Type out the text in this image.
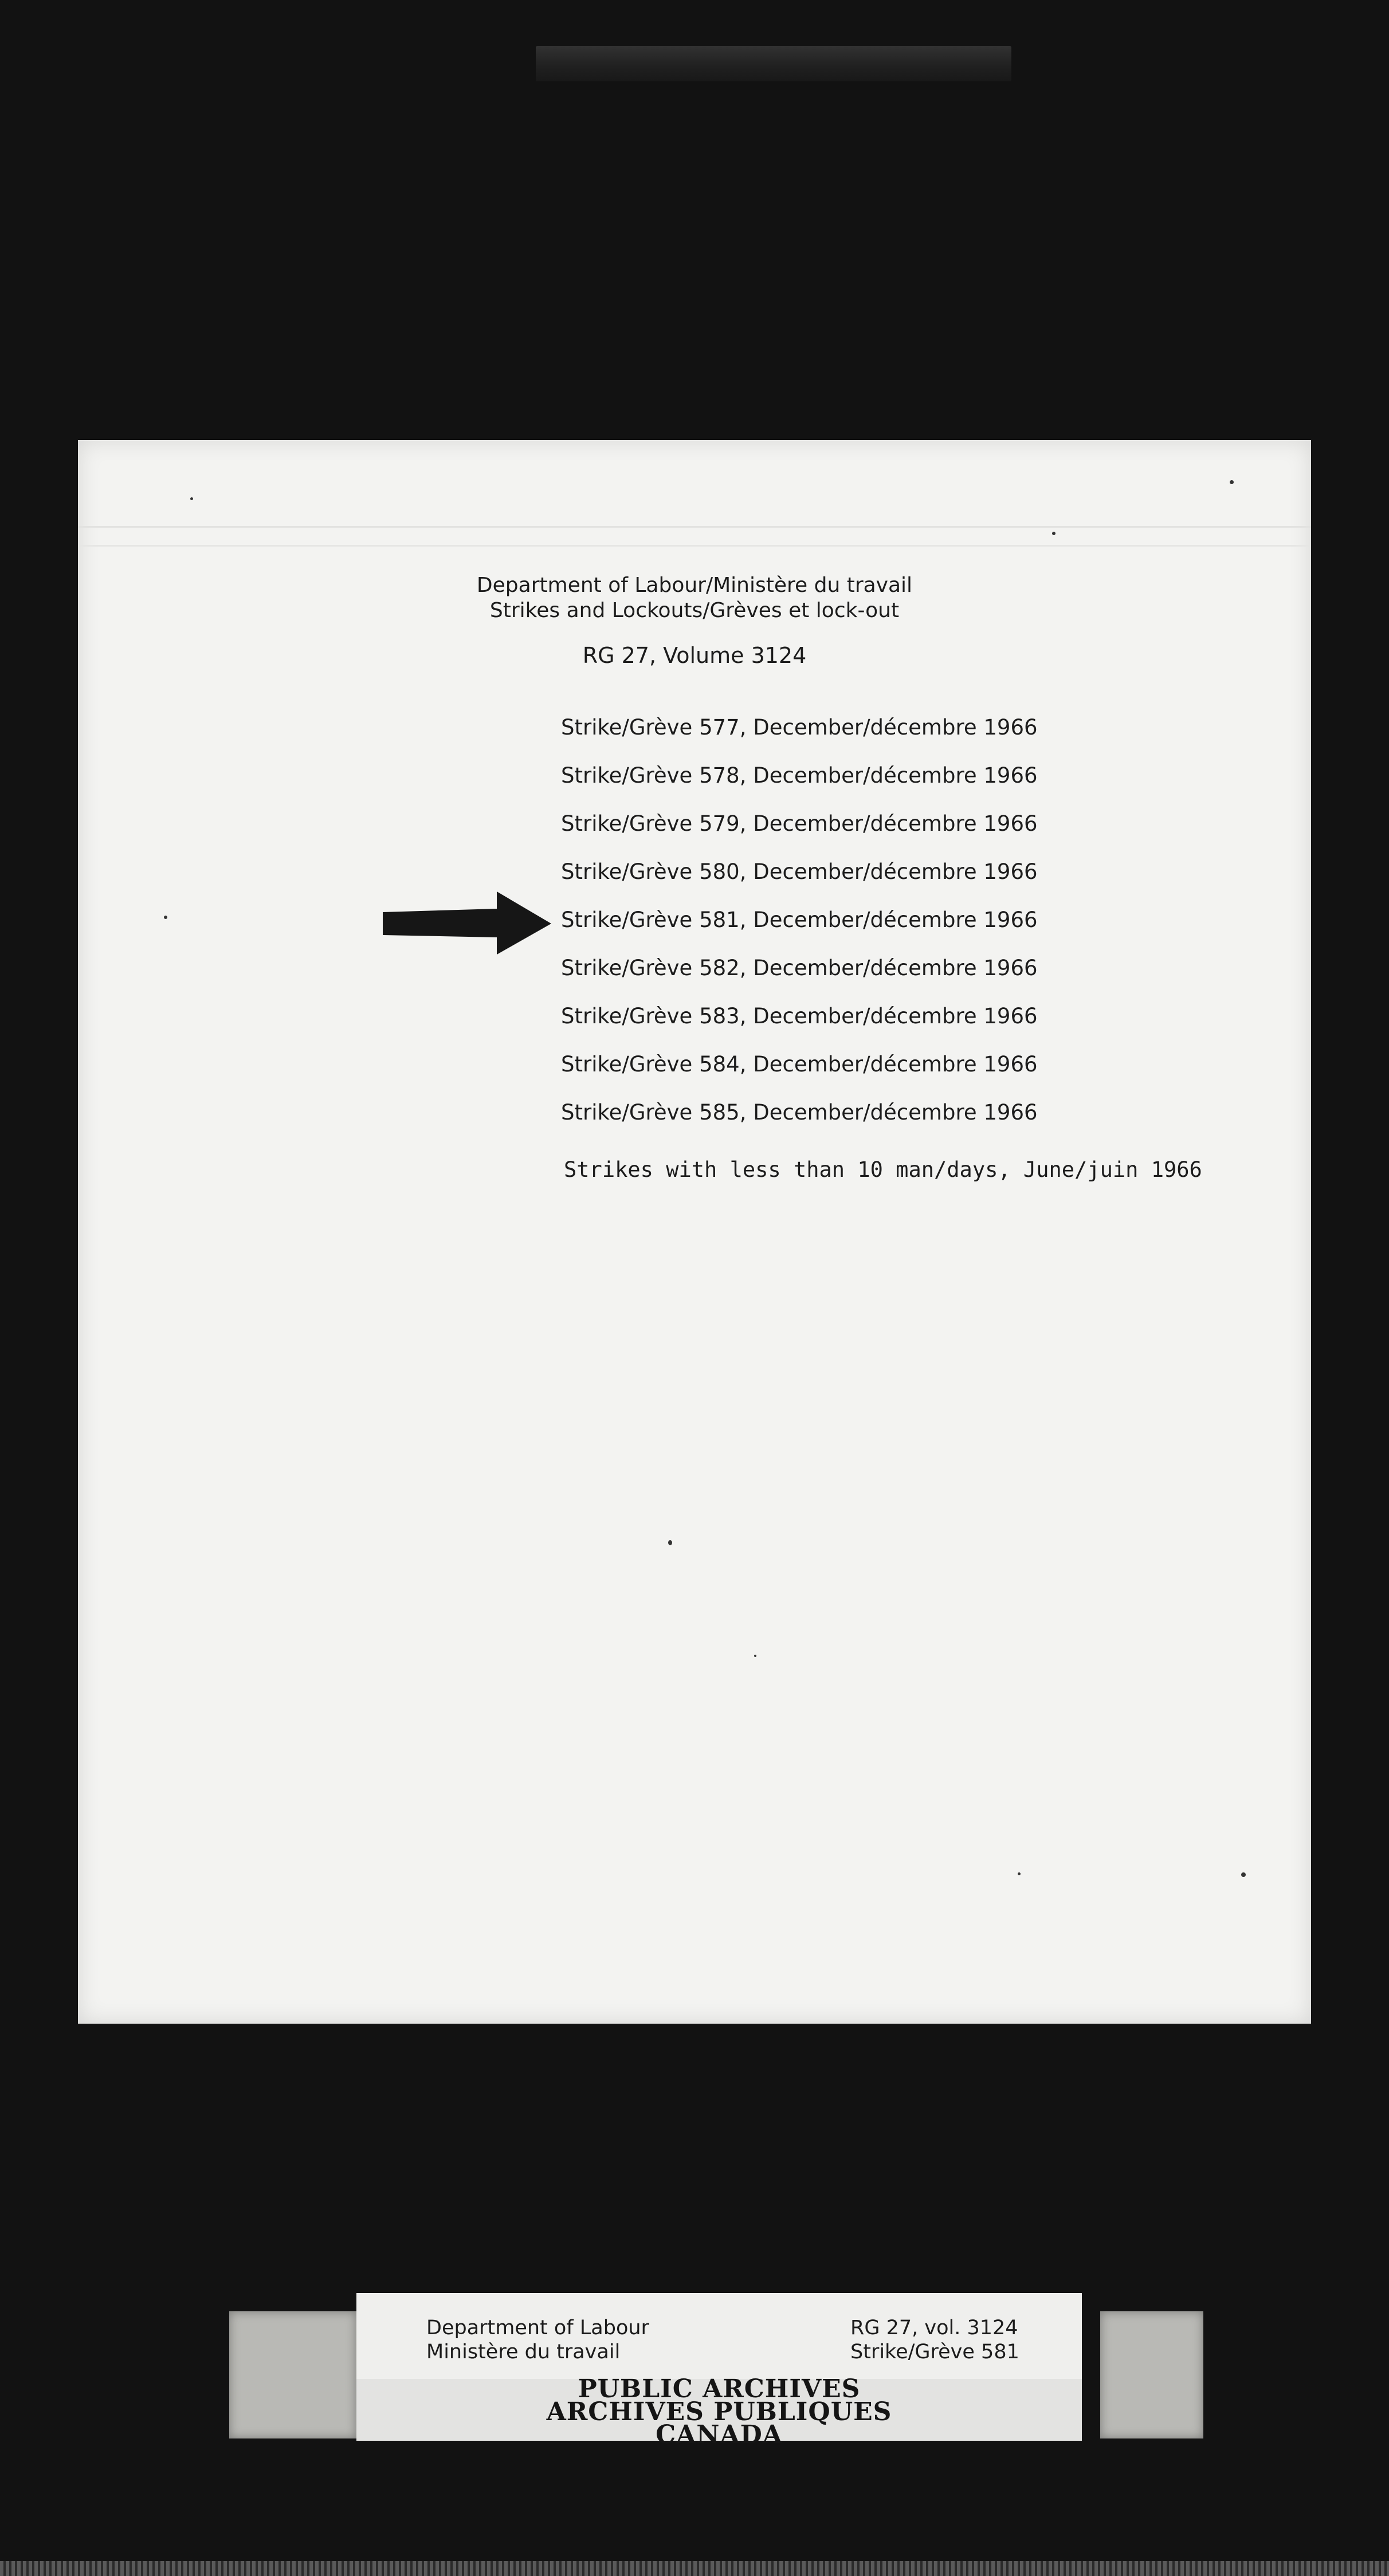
Department of Labour/Ministère du travail
Strikes and Lockouts/Grèves et lock-out
RG 27, Volume 3124
Strike/Grève 577, December/décembre 1966
Strike/Grève 578, December/décembre 1966
Strike/Grève 579, December/décembre 1966
Strike/Grève 580, December/décembre 1966
Strike/Grève 581, December/décembre 1966
Strike/Grève 582, December/décembre 1966
Strike/Grève 583, December/décembre 1966
Strike/Grève 584, December/décembre 1966
Strike/Grève 585, December/décembre 1966
Strikes with less than 10 man/days, June/juin 1966
Department of Labour
Ministère du travail
RG 27, vol. 3124
Strike/Grève 581
PUBLIC ARCHIVES
ARCHIVES PUBLIQUES
CANADA
